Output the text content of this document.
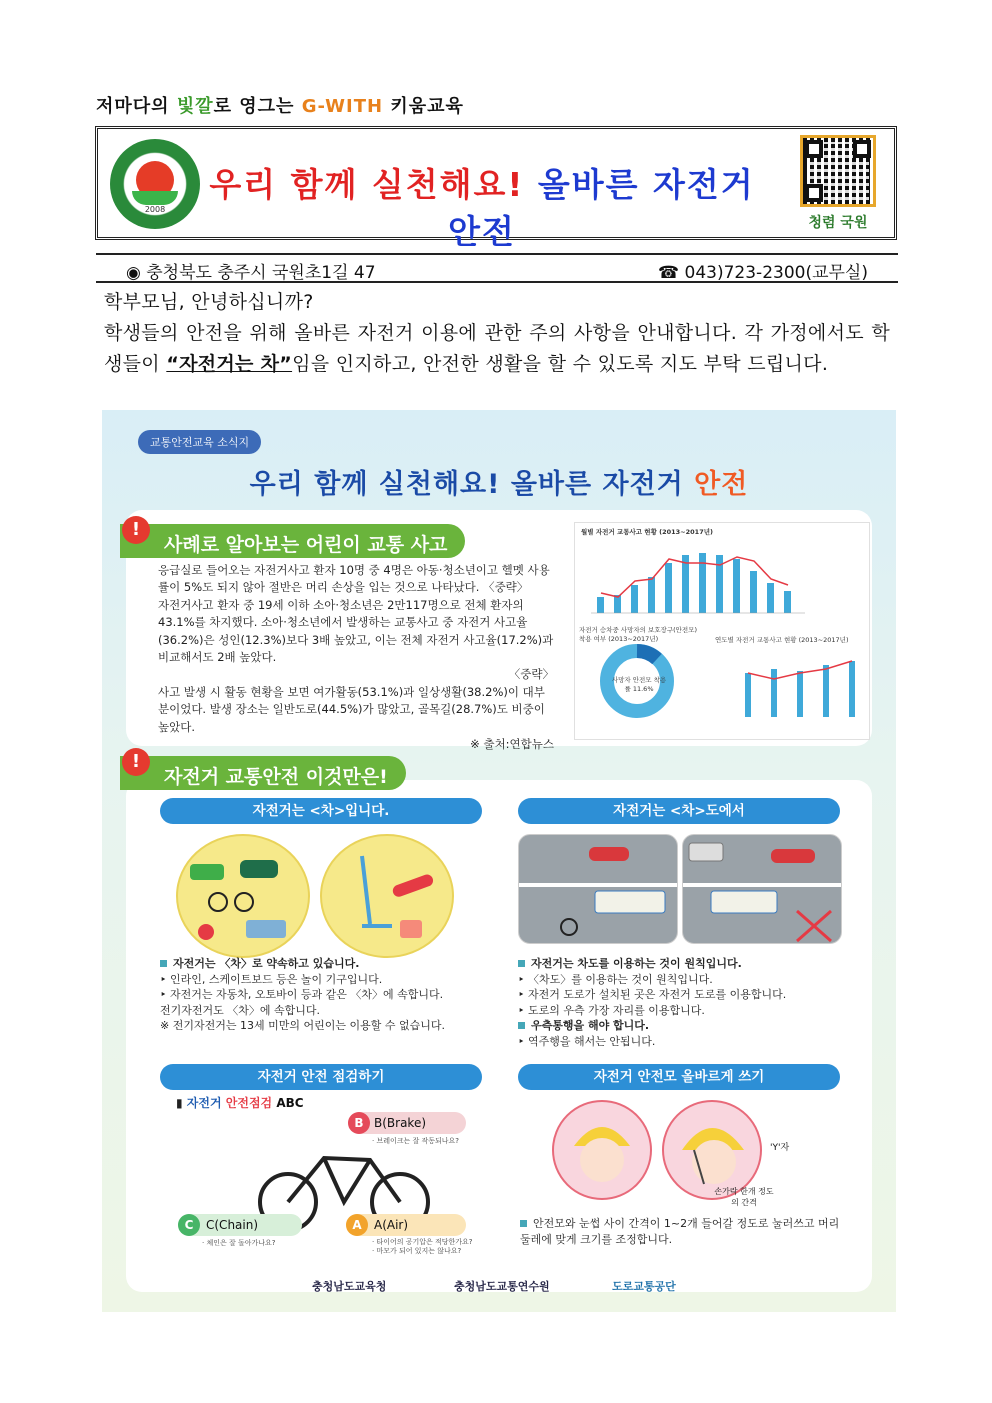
저마다의 빛깔로 영그는 G-WITH 키움교육
2008
우리 함께 실천해요! 올바른 자전거 안전	청렴 국원
◉ 충청북도 충주시 국원초1길 47	☎ 043)723-2300(교무실)
학부모님, 안녕하십니까?
학생들의 안전을 위해 올바른 자전거 이용에 관한 주의 사항을 안내합니다. 각 가정에서도 학생들이 “자전거는 차”임을 인지하고, 안전한 생활을 할 수 있도록 지도 부탁 드립니다.
교통안전교육 소식지
우리 함께 실천해요! 올바른 자전거 안전
!
사례로 알아보는 어린이 교통 사고
응급실로 들어오는 자전거사고 환자 10명 중 4명은 아동·청소년이고 헬멧 사용률이 5%도 되지 않아 절반은 머리 손상을 입는 것으로 나타났다. 〈중략〉
자전거사고 환자 중 19세 이하 소아·청소년은 2만117명으로 전체 환자의 43.1%를 차지했다. 소아·청소년에서 발생하는 교통사고 중 자전거 사고율(36.2%)은 성인(12.3%)보다 3배 높았고, 이는 전체 자전거 사고율(17.2%)과 비교해서도 2배 높았다.
〈중략〉
사고 발생 시 활동 현황을 보면 여가활동(53.1%)과 일상생활(38.2%)이 대부분이었다. 발생 장소는 일반도로(44.5%)가 많았고, 골목길(28.7%)도 비중이 높았다.
※ 출처:연합뉴스
월별 자전거 교통사고 현황 (2013~2017년)
자전거 승차중 사망자의 보호장구(안전모) 착용 여부 (2013~2017년)
사망자 안전모 착용률 11.6%
연도별 자전거 교통사고 현황 (2013~2017년)
!
자전거 교통안전 이것만은!
자전거는 <차>입니다.	자전거는 <차>도에서
자전거는 〈차〉로 약속하고 있습니다.
‣ 인라인, 스케이트보드 등은 놀이 기구입니다.
‣ 자전거는 자동차, 오토바이 등과 같은 〈차〉에 속합니다.
전기자전거도 〈차〉에 속합니다.
※ 전기자전거는 13세 미만의 어린이는 이용할 수 없습니다.
자전거는 차도를 이용하는 것이 원칙입니다.
‣ 〈차도〉를 이용하는 것이 원칙입니다.
‣ 자전거 도로가 설치된 곳은 자전거 도로를 이용합니다.
‣ 도로의 우측 가장 자리를 이용합니다.
우측통행을 해야 합니다.
‣ 역주행을 해서는 안됩니다.
자전거 안전 점검하기	자전거 안전모 올바르게 쓰기
▮ 자전거 안전점검 ABC
B B(Brake)
· 브레이크는 잘 작동되나요?
C	C(Chain)
· 체인은 잘 돌아가나요?
A	A(Air)
· 타이어의 공기압은 적당한가요?
· 마모가 되어 있지는 않나요?
'Y'자
손가락 한개 정도의 간격
안전모와 눈썹 사이 간격이 1~2개 들어갈 정도로 눌러쓰고 머리 둘레에 맞게 크기를 조정합니다.
충청남도교육청	충청남도교통연수원	도로교통공단
